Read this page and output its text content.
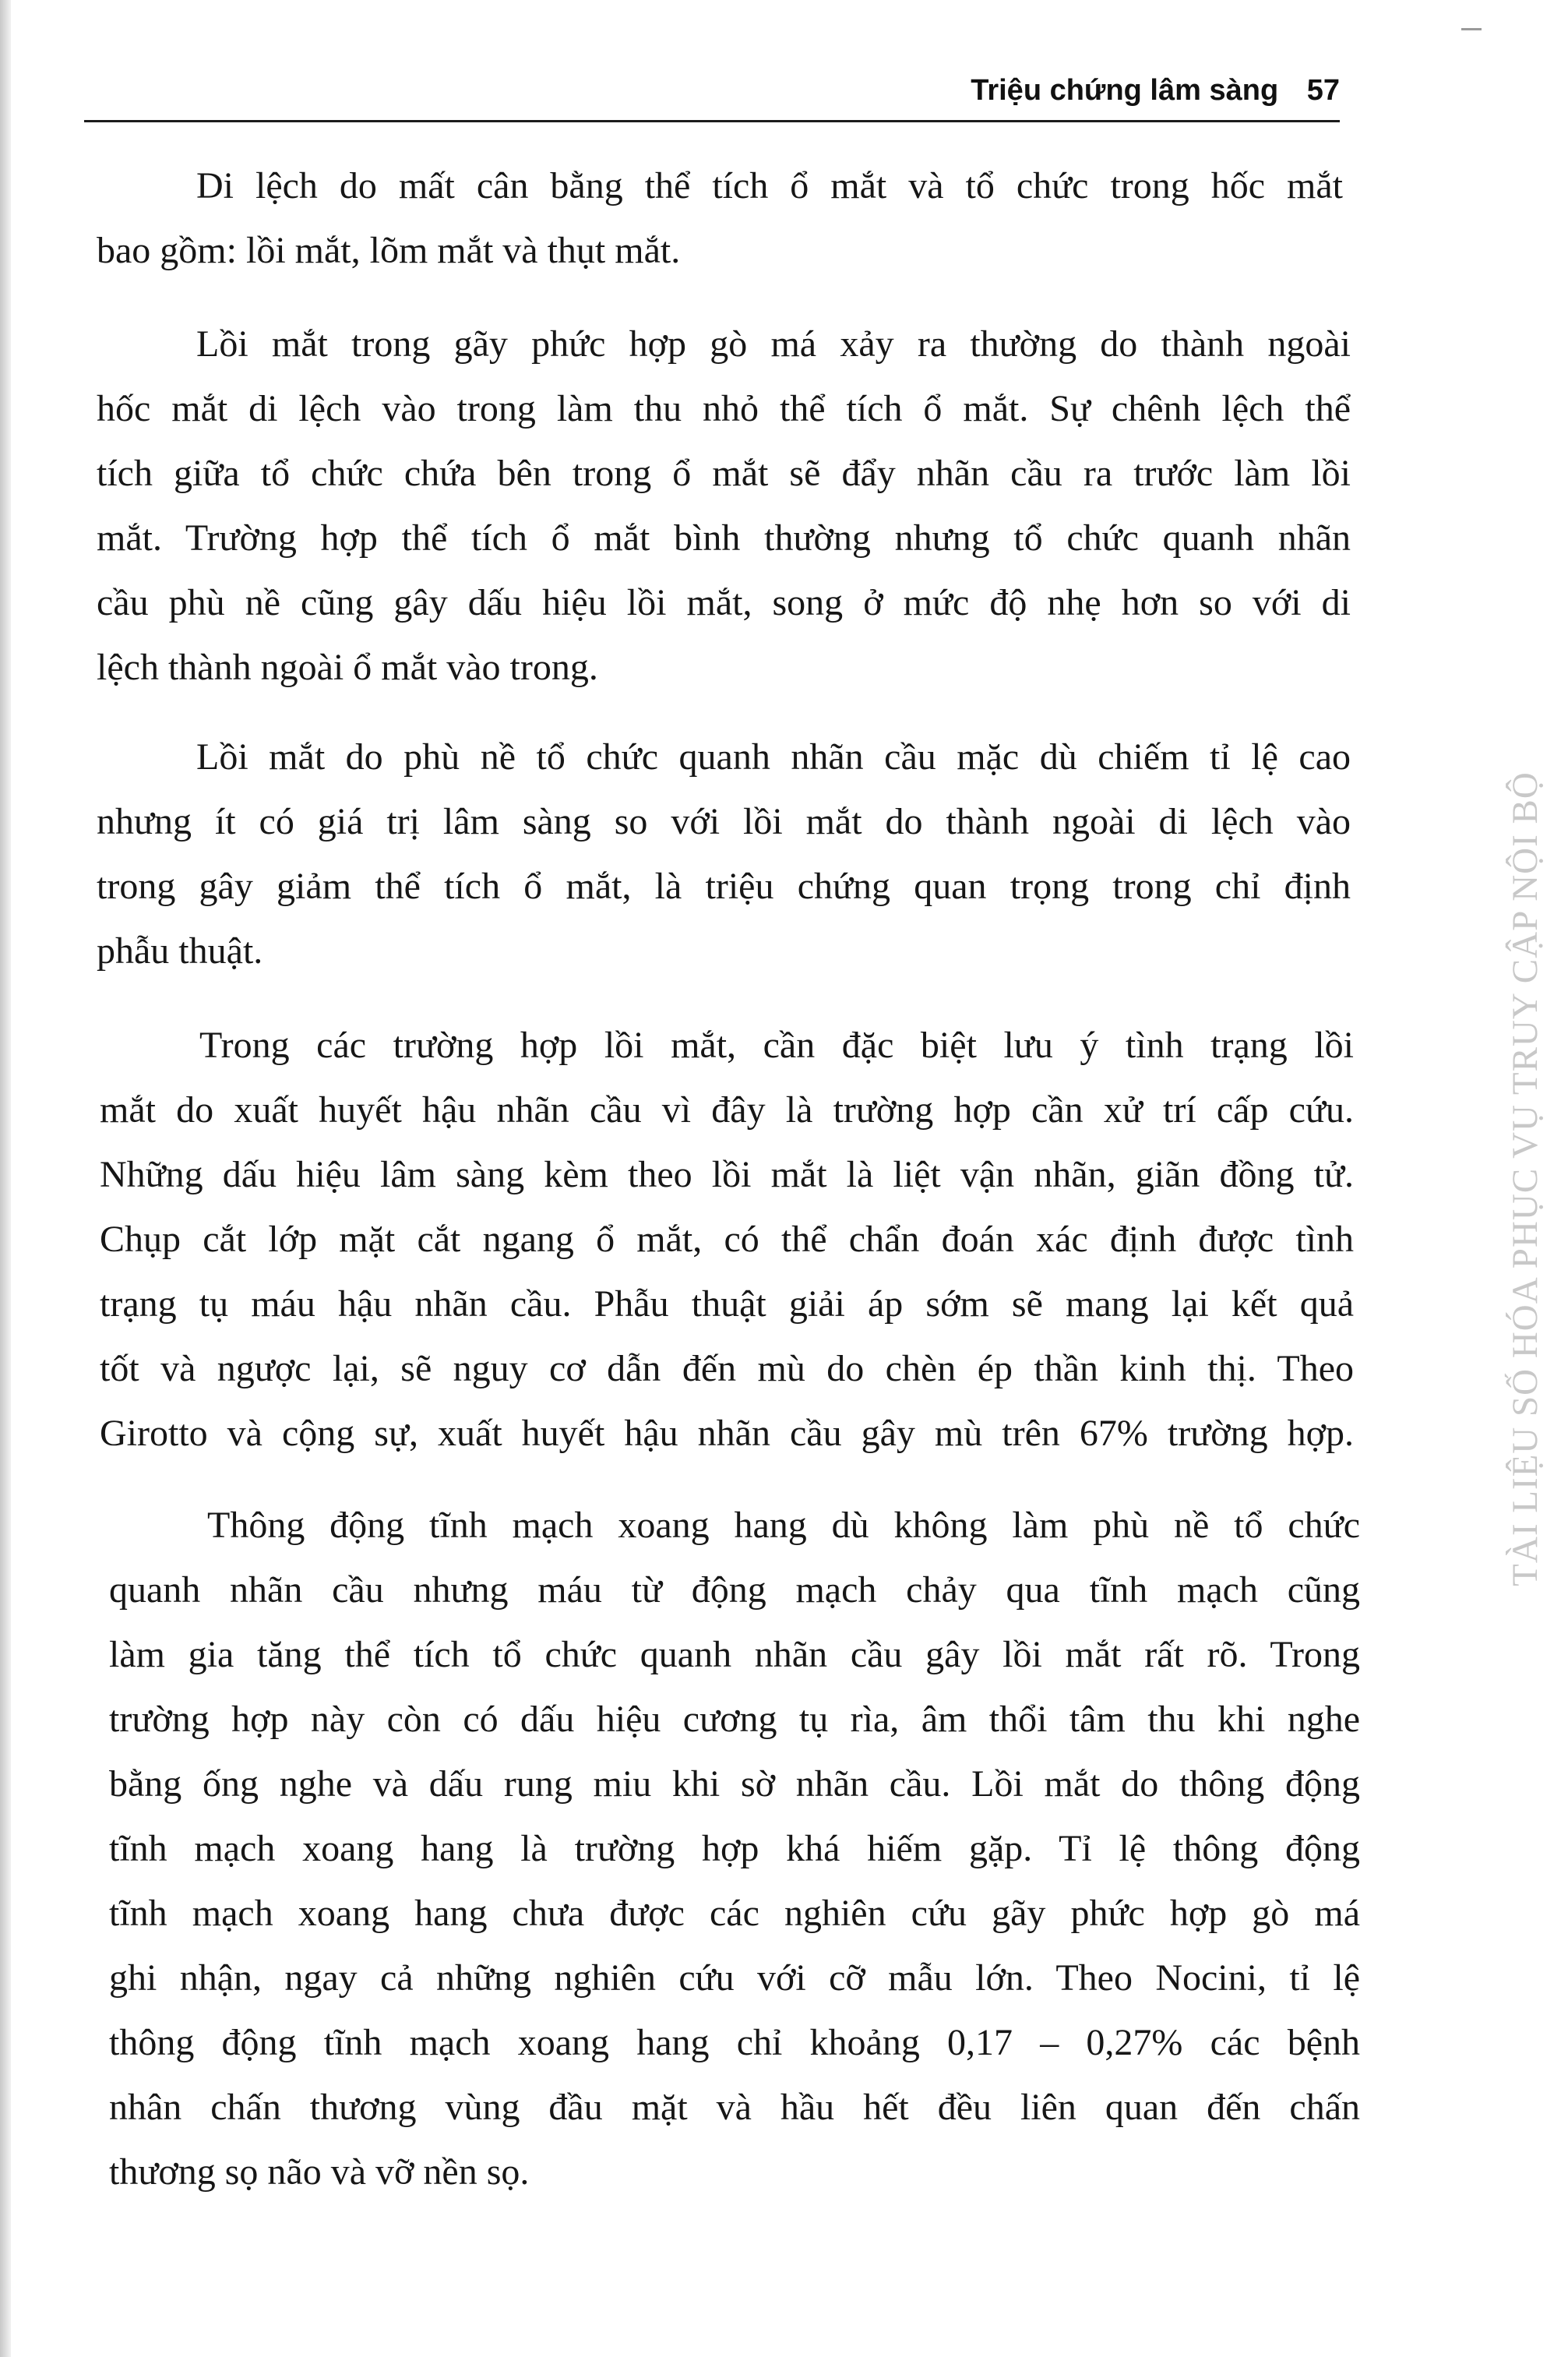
Triệu chứng lâm sàng 57
Di lệch do mất cân bằng thể tích ổ mắt và tổ chức trong hốc mắt
bao gồm: lồi mắt, lõm mắt và thụt mắt.
Lồi mắt trong gãy phức hợp gò má xảy ra thường do thành ngoài
hốc mắt di lệch vào trong làm thu nhỏ thể tích ổ mắt. Sự chênh lệch thể
tích giữa tổ chức chứa bên trong ổ mắt sẽ đẩy nhãn cầu ra trước làm lồi
mắt. Trường hợp thể tích ổ mắt bình thường nhưng tổ chức quanh nhãn
cầu phù nề cũng gây dấu hiệu lồi mắt, song ở mức độ nhẹ hơn so với di
lệch thành ngoài ổ mắt vào trong.
Lồi mắt do phù nề tổ chức quanh nhãn cầu mặc dù chiếm tỉ lệ cao
nhưng ít có giá trị lâm sàng so với lồi mắt do thành ngoài di lệch vào
trong gây giảm thể tích ổ mắt, là triệu chứng quan trọng trong chỉ định
phẫu thuật.
Trong các trường hợp lồi mắt, cần đặc biệt lưu ý tình trạng lồi
mắt do xuất huyết hậu nhãn cầu vì đây là trường hợp cần xử trí cấp cứu.
Những dấu hiệu lâm sàng kèm theo lồi mắt là liệt vận nhãn, giãn đồng tử.
Chụp cắt lớp mặt cắt ngang ổ mắt, có thể chẩn đoán xác định được tình
trạng tụ máu hậu nhãn cầu. Phẫu thuật giải áp sớm sẽ mang lại kết quả
tốt và ngược lại, sẽ nguy cơ dẫn đến mù do chèn ép thần kinh thị. Theo
Girotto và cộng sự, xuất huyết hậu nhãn cầu gây mù trên 67% trường hợp.
Thông động tĩnh mạch xoang hang dù không làm phù nề tổ chức
quanh nhãn cầu nhưng máu từ động mạch chảy qua tĩnh mạch cũng
làm gia tăng thể tích tổ chức quanh nhãn cầu gây lồi mắt rất rõ. Trong
trường hợp này còn có dấu hiệu cương tụ rìa, âm thổi tâm thu khi nghe
bằng ống nghe và dấu rung miu khi sờ nhãn cầu. Lồi mắt do thông động
tĩnh mạch xoang hang là trường hợp khá hiếm gặp. Tỉ lệ thông động
tĩnh mạch xoang hang chưa được các nghiên cứu gãy phức hợp gò má
ghi nhận, ngay cả những nghiên cứu với cỡ mẫu lớn. Theo Nocini, tỉ lệ
thông động tĩnh mạch xoang hang chỉ khoảng 0,17 – 0,27% các bệnh
nhân chấn thương vùng đầu mặt và hầu hết đều liên quan đến chấn
thương sọ não và vỡ nền sọ.
TÀI LIỆU SỐ HÓA PHỤC VỤ TRUY CẬP NỘI BỘ
